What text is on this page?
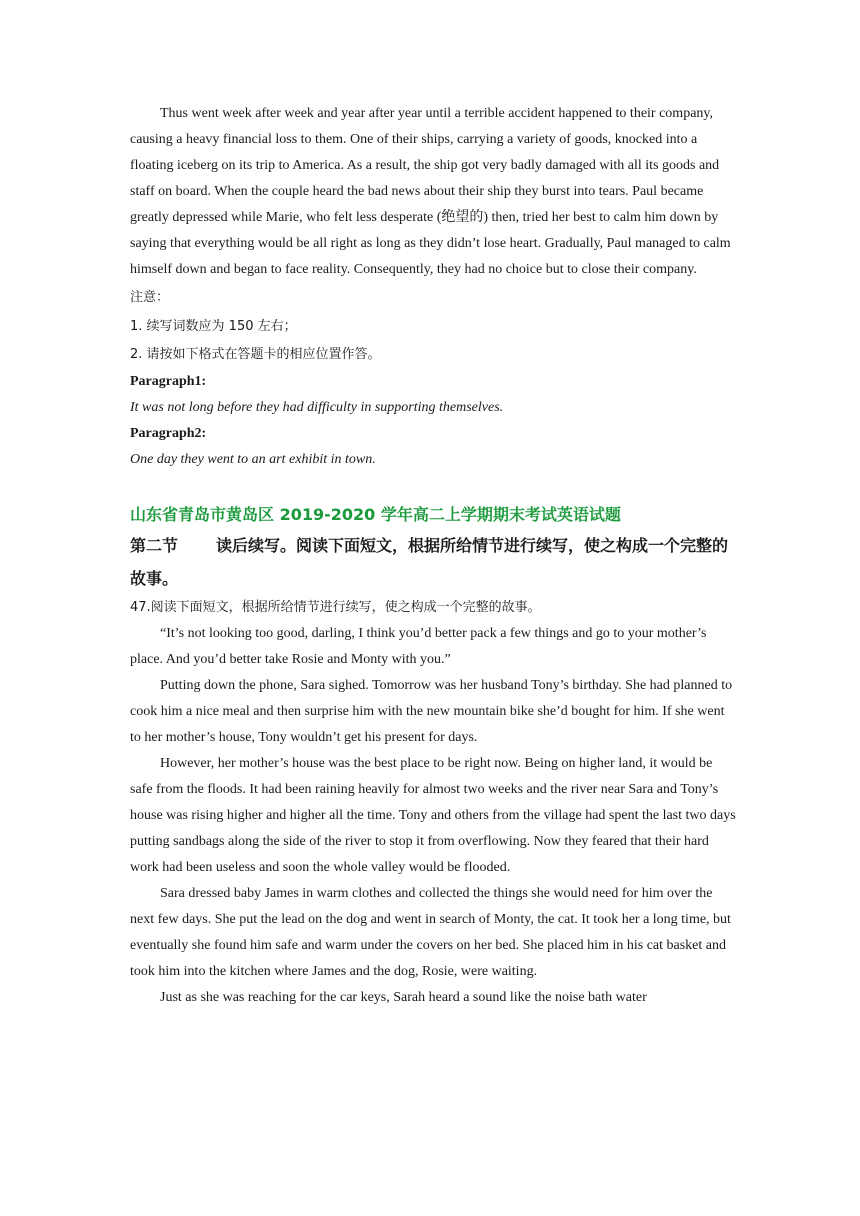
Thus went week after week and year after year until a terrible accident happened to their company, causing a heavy financial loss to them. One of their ships, carrying a variety of goods, knocked into a floating iceberg on its trip to America. As a result, the ship got very badly damaged with all its goods and staff on board. When the couple heard the bad news about their ship they burst into tears. Paul became greatly depressed while Marie, who felt less desperate (绝望的) then, tried her best to calm him down by saying that everything would be all right as long as they didn’t lose heart. Gradually, Paul managed to calm himself down and began to face reality. Consequently, they had no choice but to close their company.

注意：

1. 续写词数应为 150 左右；

2. 请按如下格式在答题卡的相应位置作答。

Paragraph1:

It was not long before they had difficulty in supporting themselves.

Paragraph2:

One day they went to an art exhibit in town.

山东省青岛市黄岛区 2019-2020 学年高二上学期期末考试英语试题

第二节 读后续写。阅读下面短文，根据所给情节进行续写，使之构成一个完整的故事。

47.阅读下面短文，根据所给情节进行续写，使之构成一个完整的故事。

“It’s not looking too good, darling, I think you’d better pack a few things and go to your mother’s place. And you’d better take Rosie and Monty with you.”

Putting down the phone, Sara sighed. Tomorrow was her husband Tony’s birthday. She had planned to cook him a nice meal and then surprise him with the new mountain bike she’d bought for him. If she went to her mother’s house, Tony wouldn’t get his present for days.

However, her mother’s house was the best place to be right now. Being on higher land, it would be safe from the floods. It had been raining heavily for almost two weeks and the river near Sara and Tony’s house was rising higher and higher all the time. Tony and others from the village had spent the last two days putting sandbags along the side of the river to stop it from overflowing. Now they feared that their hard work had been useless and soon the whole valley would be flooded.

Sara dressed baby James in warm clothes and collected the things she would need for him over the next few days. She put the lead on the dog and went in search of Monty, the cat. It took her a long time, but eventually she found him safe and warm under the covers on her bed. She placed him in his cat basket and took him into the kitchen where James and the dog, Rosie, were waiting.

Just as she was reaching for the car keys, Sarah heard a sound like the noise bath water
